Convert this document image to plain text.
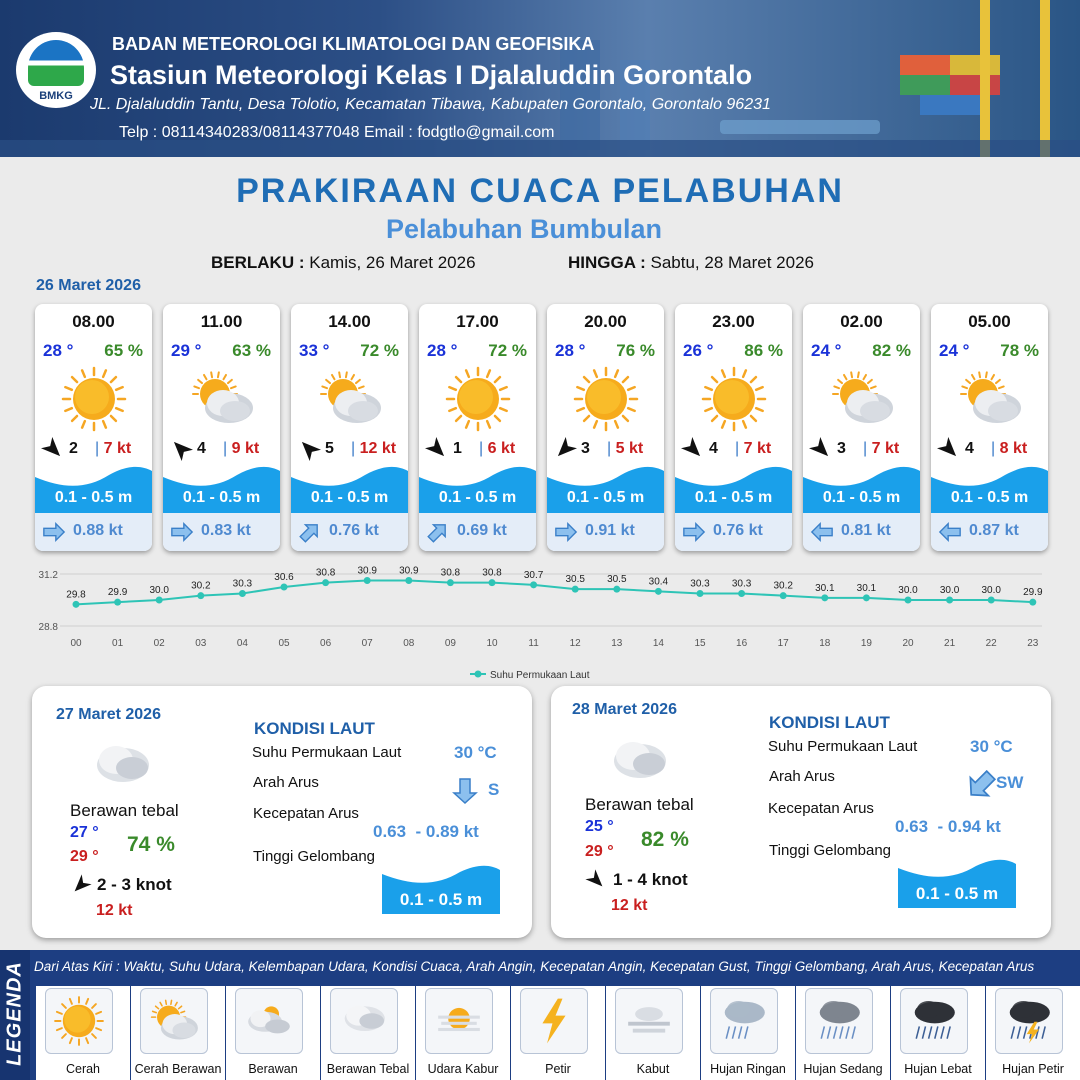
BMKG
BADAN METEOROLOGI KLIMATOLOGI DAN GEOFISIKA
Stasiun Meteorologi Kelas I Djalaluddin Gorontalo
JL. Djalaluddin Tantu, Desa Tolotio, Kecamatan Tibawa, Kabupaten Gorontalo, Gorontalo 96231
Telp : 08114340283/08114377048 Email : fodgtlo@gmail.com
PRAKIRAAN CUACA PELABUHAN
Pelabuhan Bumbulan
BERLAKU : Kamis, 26 Maret 2026	HINGGA : Sabtu, 28 Maret 2026
26 Maret 2026
08.00
28 ° 65 %
2 | 7 kt
0.1 - 0.5 m
0.88 kt
11.00
29 ° 63 %
4 | 9 kt
0.1 - 0.5 m
0.83 kt
14.00
33 ° 72 %
5 | 12 kt
0.1 - 0.5 m
0.76 kt
17.00
28 ° 72 %
1 | 6 kt
0.1 - 0.5 m
0.69 kt
20.00
28 ° 76 %
3 | 5 kt
0.1 - 0.5 m
0.91 kt
23.00
26 ° 86 %
4 | 7 kt
0.1 - 0.5 m
0.76 kt
02.00
24 ° 82 %
3 | 7 kt
0.1 - 0.5 m
0.81 kt
05.00
24 ° 78 %
4 | 8 kt
0.1 - 0.5 m
0.87 kt
31.2
28.8
29.8
00
29.9
01
30.0
02
30.2
03
30.3
04
30.6
05
30.8
06
30.9
07
30.9
08
30.8
09
30.8
10
30.7
11
30.5
12
30.5
13
30.4
14
30.3
15
30.3
16
30.2
17
30.1
18
30.1
19
30.0
20
30.0
21
30.0
22
29.9
23
Suhu Permukaan Laut
27 Maret 2026
Berawan tebal
27 °
29 °
74 %
2 - 3 knot
12 kt
KONDISI LAUT
Suhu Permukaan Laut	30 °C
Arah Arus	S
Kecepatan Arus
0.63  - 0.89 kt
Tinggi Gelombang
0.1 - 0.5 m
28 Maret 2026
Berawan tebal
25 °
29 °
82 %
1 - 4 knot
12 kt
KONDISI LAUT
Suhu Permukaan Laut	30 °C
Arah Arus	SW
Kecepatan Arus
0.63  - 0.94 kt
Tinggi Gelombang
0.1 - 0.5 m
LEGENDA Dari Atas Kiri : Waktu, Suhu Udara, Kelembapan Udara, Kondisi Cuaca, Arah Angin, Kecepatan Angin, Kecepatan Gust, Tinggi Gelombang, Arah Arus, Kecepatan Arus
Cerah	Cerah Berawan	Berawan	Berawan Tebal	Udara Kabur	Petir	Kabut	Hujan Ringan	Hujan Sedang	Hujan Lebat	Hujan Petir
